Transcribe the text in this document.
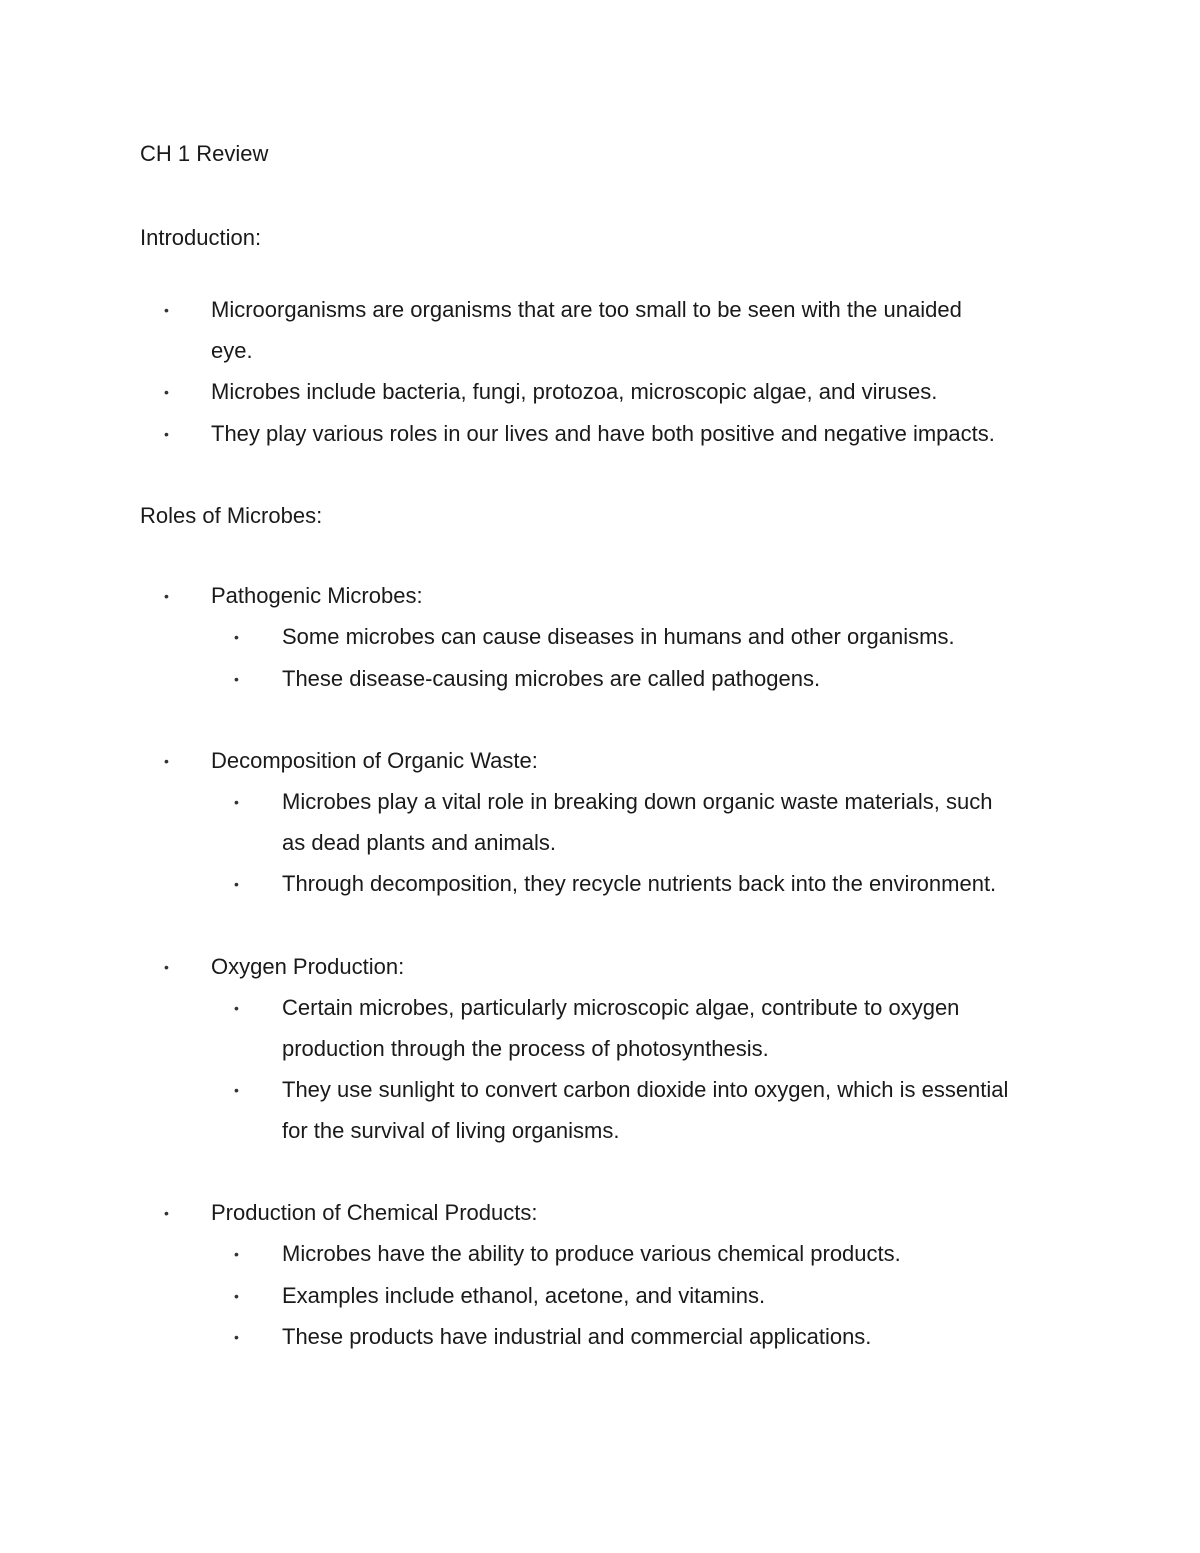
CH 1 Review
Introduction:
• Microorganisms are organisms that are too small to be seen with the unaided
eye.
• Microbes include bacteria, fungi, protozoa, microscopic algae, and viruses.
• They play various roles in our lives and have both positive and negative impacts.
Roles of Microbes:
• Pathogenic Microbes:
• Some microbes can cause diseases in humans and other organisms.
• These disease-causing microbes are called pathogens.
• Decomposition of Organic Waste:
• Microbes play a vital role in breaking down organic waste materials, such
as dead plants and animals.
• Through decomposition, they recycle nutrients back into the environment.
• Oxygen Production:
• Certain microbes, particularly microscopic algae, contribute to oxygen
production through the process of photosynthesis.
• They use sunlight to convert carbon dioxide into oxygen, which is essential
for the survival of living organisms.
• Production of Chemical Products:
• Microbes have the ability to produce various chemical products.
• Examples include ethanol, acetone, and vitamins.
• These products have industrial and commercial applications.
